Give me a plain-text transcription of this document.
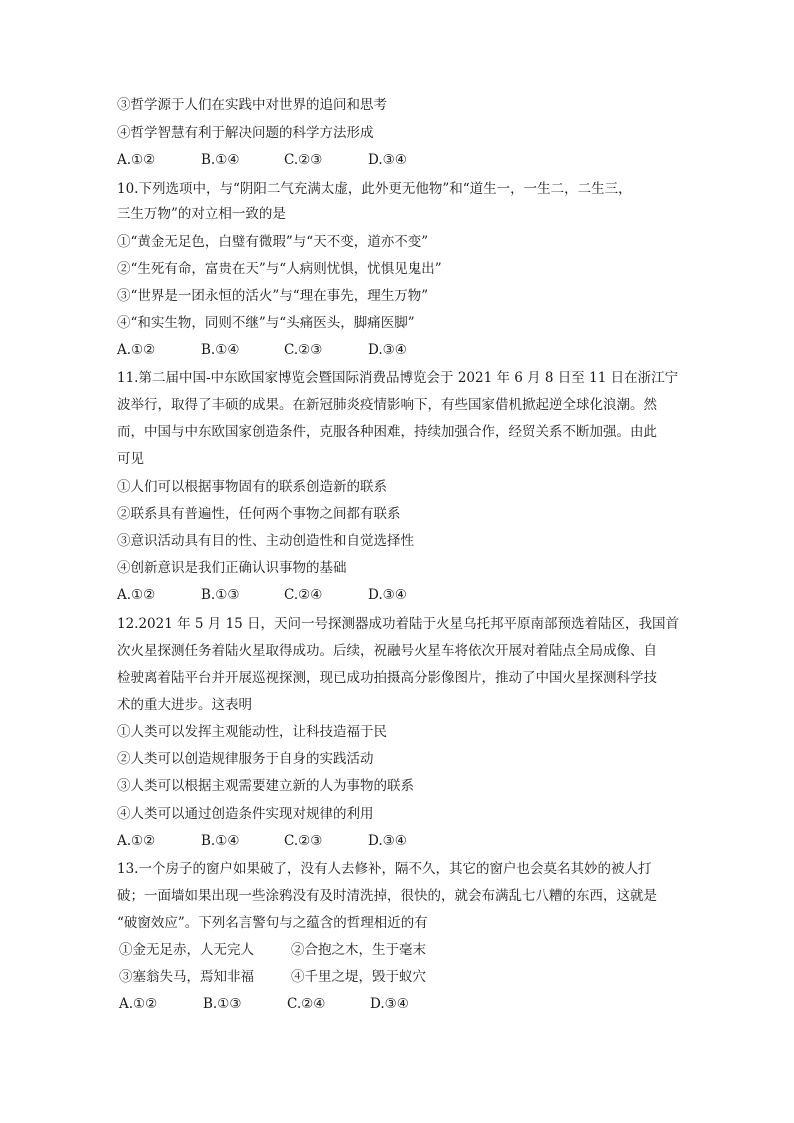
③哲学源于人们在实践中对世界的追问和思考
④哲学智慧有利于解决问题的科学方法形成
A.①②	B.①④	C.②③	D.③④
10.下列选项中，与“阴阳二气充满太虚，此外更无他物”和“道生一，一生二，二生三，
三生万物”的对立相一致的是
①“黄金无足色，白璧有微瑕”与“天不变，道亦不变”
②“生死有命，富贵在天”与“人病则忧惧，忧惧见鬼出”
③“世界是一团永恒的活火”与“理在事先，理生万物”
④“和实生物，同则不继”与“头痛医头，脚痛医脚”
A.①②	B.①④	C.②③	D.③④
11.第二届中国-中东欧国家博览会暨国际消费品博览会于 2021 年 6 月 8 日至 11 日在浙江宁
波举行，取得了丰硕的成果。在新冠肺炎疫情影响下，有些国家借机掀起逆全球化浪潮。然
而，中国与中东欧国家创造条件，克服各种困难，持续加强合作，经贸关系不断加强。由此
可见
①人们可以根据事物固有的联系创造新的联系
②联系具有普遍性，任何两个事物之间都有联系
③意识活动具有目的性、主动创造性和自觉选择性
④创新意识是我们正确认识事物的基础
A.①②	B.①③	C.②④	D.③④
12.2021 年 5 月 15 日，天问一号探测器成功着陆于火星乌托邦平原南部预选着陆区，我国首
次火星探测任务着陆火星取得成功。后续，祝融号火星车将依次开展对着陆点全局成像、自
检驶离着陆平台并开展巡视探测，现已成功拍摄高分影像图片，推动了中国火星探测科学技
术的重大进步。这表明
①人类可以发挥主观能动性，让科技造福于民
②人类可以创造规律服务于自身的实践活动
③人类可以根据主观需要建立新的人为事物的联系
④人类可以通过创造条件实现对规律的利用
A.①②	B.①④	C.②③	D.③④
13.一个房子的窗户如果破了，没有人去修补，隔不久，其它的窗户也会莫名其妙的被人打
破；一面墙如果出现一些涂鸦没有及时清洗掉，很快的，就会布满乱七八糟的东西，这就是
“破窗效应”。下列名言警句与之蕴含的哲理相近的有
①金无足赤，人无完人	②合抱之木，生于毫末
③塞翁失马，焉知非福	④千里之堤，毁于蚁穴
A.①②	B.①③	C.②④	D.③④
